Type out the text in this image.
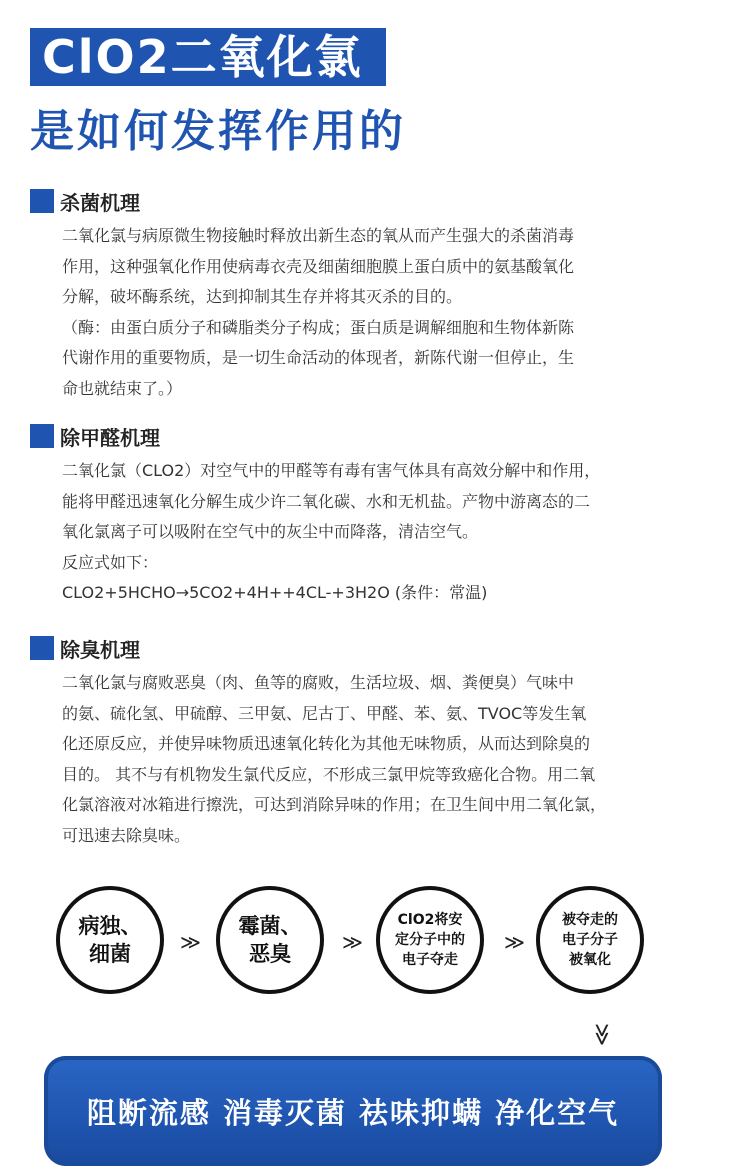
ClO2二氧化氯
是如何发挥作用的
杀菌机理
二氧化氯与病原微生物接触时释放出新生态的氧从而产生强大的杀菌消毒
作用，这种强氧化作用使病毒衣壳及细菌细胞膜上蛋白质中的氨基酸氧化
分解，破坏酶系统，达到抑制其生存并将其灭杀的目的。
（酶：由蛋白质分子和磷脂类分子构成；蛋白质是调解细胞和生物体新陈
代谢作用的重要物质，是一切生命活动的体现者，新陈代谢一但停止，生
命也就结束了。）
除甲醛机理
二氧化氯（CLO2）对空气中的甲醛等有毒有害气体具有高效分解中和作用，
能将甲醛迅速氧化分解生成少许二氧化碳、水和无机盐。产物中游离态的二
氧化氯离子可以吸附在空气中的灰尘中而降落，清洁空气。
反应式如下：
CLO2+5HCHO→5CO2+4H++4CL-+3H2O (条件：常温)
除臭机理
二氧化氯与腐败恶臭（肉、鱼等的腐败，生活垃圾、烟、粪便臭）气味中
的氨、硫化氢、甲硫醇、三甲氨、尼古丁、甲醛、苯、氨、TVOC等发生氧
化还原反应，并使异味物质迅速氧化转化为其他无味物质，从而达到除臭的
目的。 其不与有机物发生氯代反应，不形成三氯甲烷等致癌化合物。用二氧
化氯溶液对冰箱进行擦洗，可达到消除异味的作用；在卫生间中用二氧化氯，
可迅速去除臭味。
病独、
细菌 ≫
霉菌、
恶臭	≫
ClO2将安
定分子中的
电子夺走
≫
被夺走的
电子分子
被氧化
≫
阻断流感 消毒灭菌 祛味抑螨 净化空气
